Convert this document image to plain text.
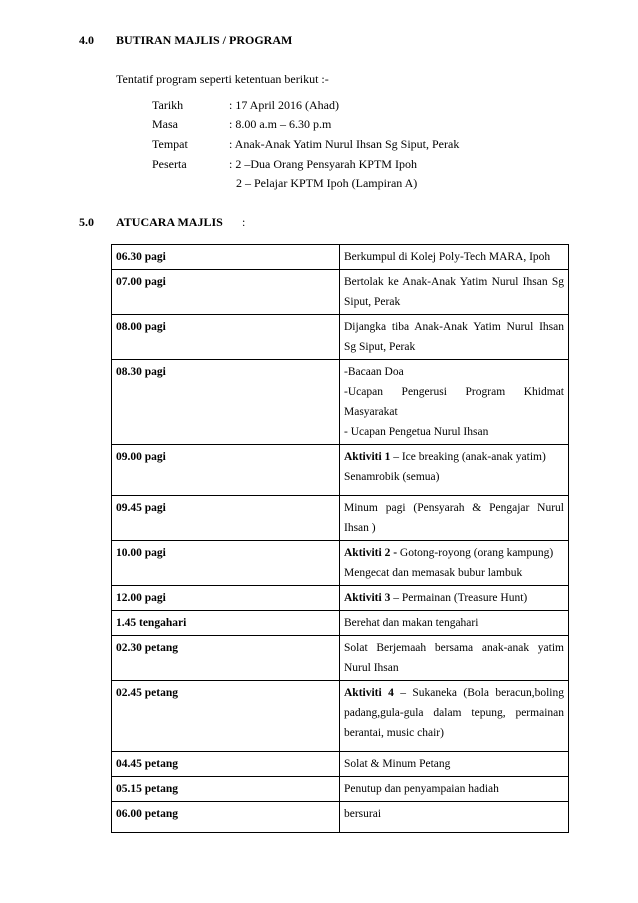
4.0 BUTIRAN MAJLIS / PROGRAM
Tentatif program seperti ketentuan berikut :-
Tarikh	: 17 April 2016 (Ahad)
Masa	: 8.00 a.m – 6.30 p.m
Tempat	: Anak-Anak Yatim Nurul Ihsan Sg Siput, Perak
Peserta	: 2 –Dua Orang Pensyarah KPTM Ipoh
2 – Pelajar KPTM Ipoh (Lampiran A)
5.0 ATUCARA MAJLIS :
06.30 pagi	Berkumpul di Kolej Poly-Tech MARA, Ipoh

07.00 pagi	Bertolak ke Anak-Anak Yatim Nurul Ihsan Sg
Siput, Perak

08.00 pagi	Dijangka tiba Anak-Anak Yatim Nurul Ihsan
Sg Siput, Perak

08.30 pagi	-Bacaan Doa
-Ucapan Pengerusi Program Khidmat
Masyarakat
- Ucapan Pengetua Nurul Ihsan

09.00 pagi	Aktiviti 1 – Ice breaking (anak-anak yatim)
Senamrobik (semua)

09.45 pagi	Minum pagi (Pensyarah & Pengajar Nurul
Ihsan )

10.00 pagi	Aktiviti 2 - Gotong-royong (orang kampung)
Mengecat dan memasak bubur lambuk

12.00 pagi	Aktiviti 3 – Permainan (Treasure Hunt)

1.45 tengahari	Berehat dan makan tengahari

02.30 petang	Solat Berjemaah bersama anak-anak yatim
Nurul Ihsan

02.45 petang	Aktiviti 4 – Sukaneka (Bola beracun,boling
padang,gula-gula dalam tepung, permainan
berantai, music chair)

04.45 petang	Solat & Minum Petang

05.15 petang	Penutup dan penyampaian hadiah

06.00 petang	bersurai
